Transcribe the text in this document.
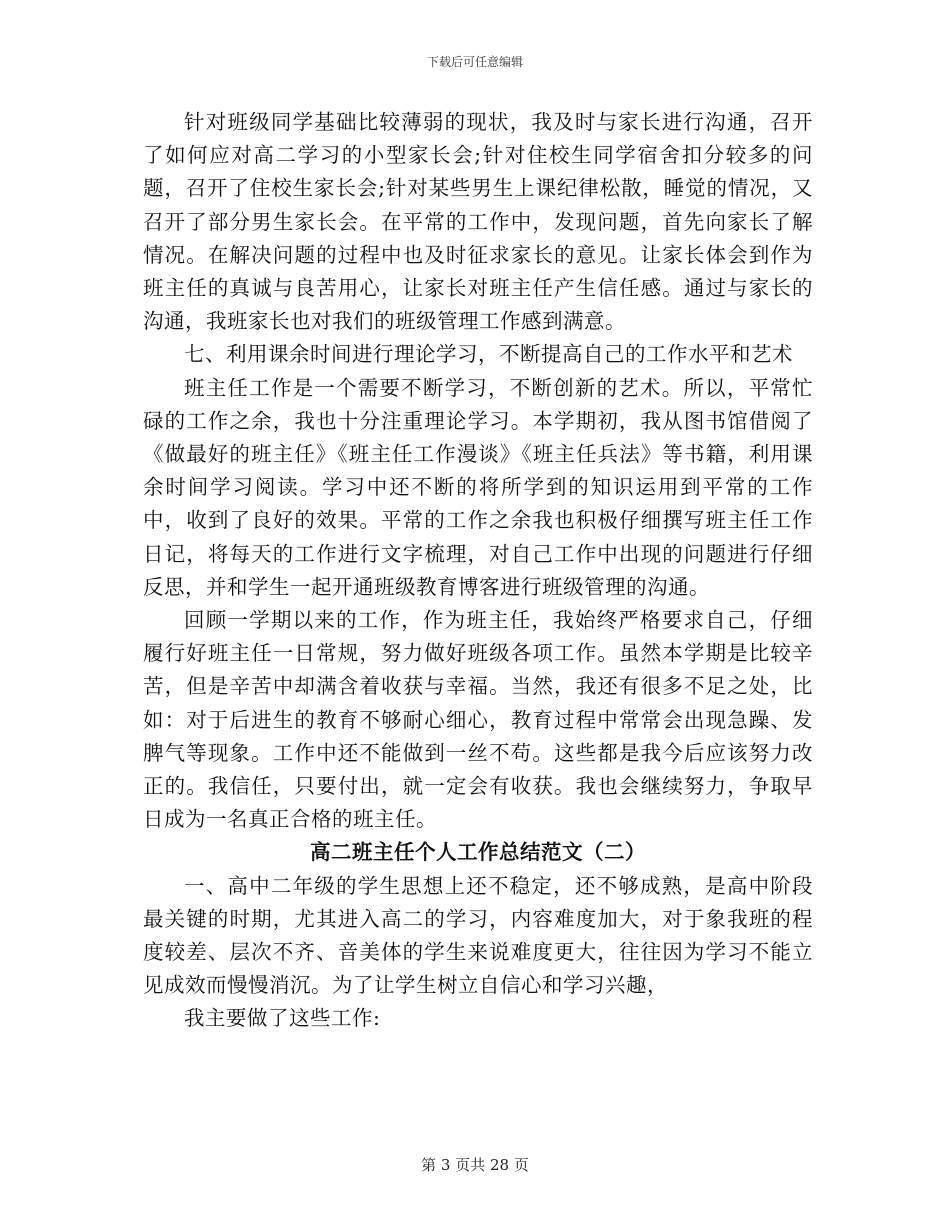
下载后可任意编辑

针对班级同学基础比较薄弱的现状，我及时与家长进行沟通，召开了如何应对高二学习的小型家长会;针对住校生同学宿舍扣分较多的问题，召开了住校生家长会;针对某些男生上课纪律松散，睡觉的情况，又召开了部分男生家长会。在平常的工作中，发现问题，首先向家长了解情况。在解决问题的过程中也及时征求家长的意见。让家长体会到作为班主任的真诚与良苦用心，让家长对班主任产生信任感。通过与家长的沟通，我班家长也对我们的班级管理工作感到满意。

七、利用课余时间进行理论学习，不断提高自己的工作水平和艺术

班主任工作是一个需要不断学习，不断创新的艺术。所以，平常忙碌的工作之余，我也十分注重理论学习。本学期初，我从图书馆借阅了《做最好的班主任》《班主任工作漫谈》《班主任兵法》等书籍，利用课余时间学习阅读。学习中还不断的将所学到的知识运用到平常的工作中，收到了良好的效果。平常的工作之余我也积极仔细撰写班主任工作日记，将每天的工作进行文字梳理，对自己工作中出现的问题进行仔细反思，并和学生一起开通班级教育博客进行班级管理的沟通。

回顾一学期以来的工作，作为班主任，我始终严格要求自己，仔细履行好班主任一日常规，努力做好班级各项工作。虽然本学期是比较辛苦，但是辛苦中却满含着收获与幸福。当然，我还有很多不足之处，比如：对于后进生的教育不够耐心细心，教育过程中常常会出现急躁、发脾气等现象。工作中还不能做到一丝不苟。这些都是我今后应该努力改正的。我信任，只要付出，就一定会有收获。我也会继续努力，争取早日成为一名真正合格的班主任。

高二班主任个人工作总结范文（二）

一、高中二年级的学生思想上还不稳定，还不够成熟，是高中阶段最关键的时期，尤其进入高二的学习，内容难度加大，对于象我班的程度较差、层次不齐、音美体的学生来说难度更大，往往因为学习不能立见成效而慢慢消沉。为了让学生树立自信心和学习兴趣，

我主要做了这些工作:

第 3 页共 28 页
